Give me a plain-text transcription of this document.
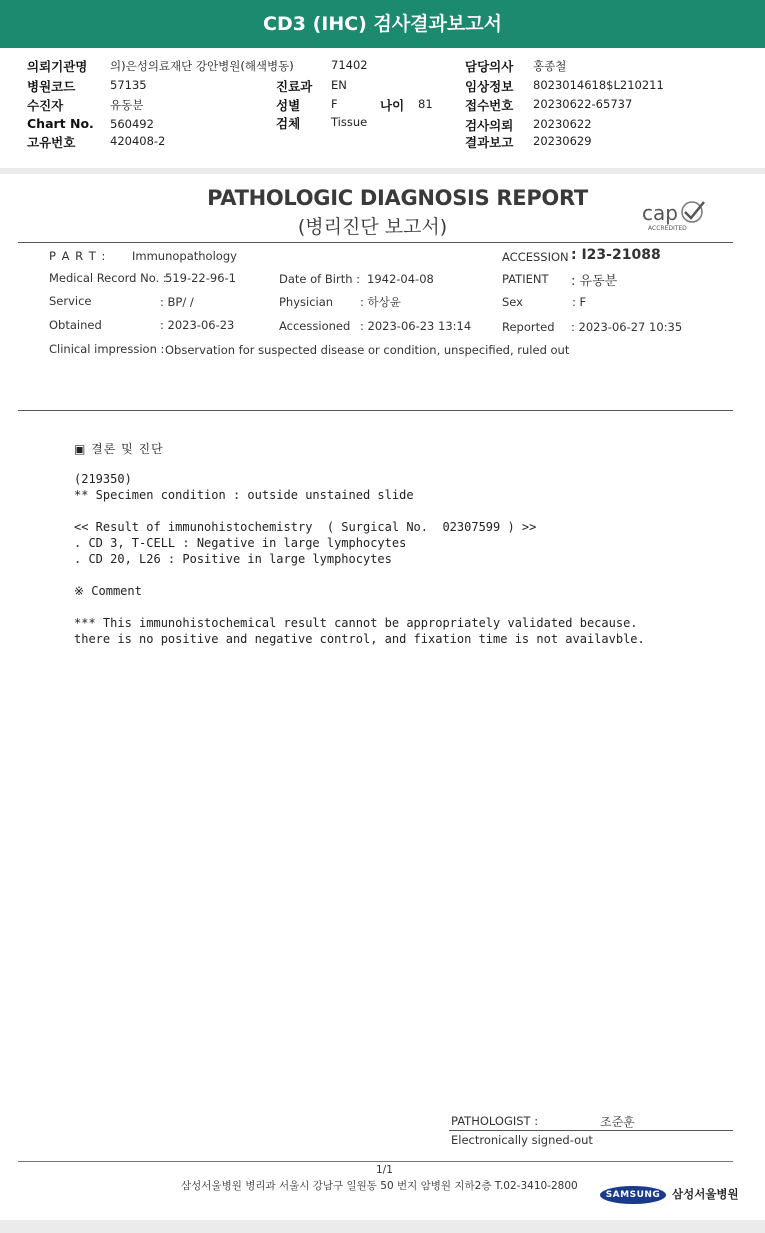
CD3 (IHC) 검사결과보고서
의뢰기관명 의)은성의료재단 강안병원(해색병동)	71402	담당의사 홍종철
병원코드	57135	진료과 EN	임상정보 8023014618$L210211
수진자	유동분	성별	F	나이 81	접수번호 20230622-65737
Chart No. 560492	검체	Tissue	검사의뢰 20230622
고유번호	420408-2	결과보고 20230629
PATHOLOGIC DIAGNOSIS REPORT
(병리진단 보고서)
cap
ACCREDITED
P A R T : Immunopathology	ACCESSION : I23-21088
Medical Record No. :
519-22-96-1	Date of Birth : 1942-04-08	PATIENT : 유동분
Service	: BP/ /	Physician : 하상윤	Sex	: F
Obtained	: 2023-06-23	Accessioned : 2023-06-23 13:14	Reported : 2023-06-27 10:35
Clinical impression : Observation for suspected disease or condition, unspecified, ruled out
▣ 결론 및 진단
(219350)
** Specimen condition : outside unstained slide
<< Result of immunohistochemistry  ( Surgical No.  02307599 ) >>
. CD 3, T-CELL : Negative in large lymphocytes
. CD 20, L26 : Positive in large lymphocytes
※ Comment
*** This immunohistochemical result cannot be appropriately validated because.
there is no positive and negative control, and fixation time is not availavble.
PATHOLOGIST :	조준훈
Electronically signed-out
1/1
삼성서울병원 병리과 서울시 강남구 일원동 50 번지 암병원 지하2층 T.02-3410-2800
SAMSUNG	삼성서울병원
